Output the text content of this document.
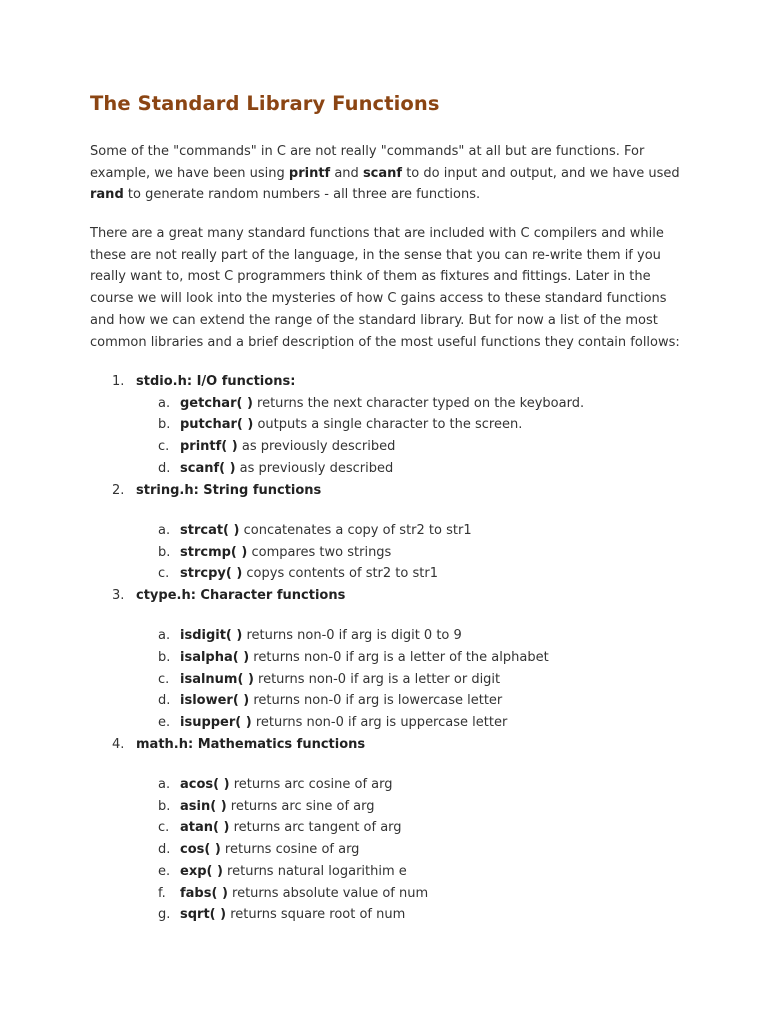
The Standard Library Functions

Some of the "commands" in C are not really "commands" at all but are functions. For example, we have been using printf and scanf to do input and output, and we have used rand to generate random numbers - all three are functions.

There are a great many standard functions that are included with C compilers and while these are not really part of the language, in the sense that you can re-write them if you really want to, most C programmers think of them as fixtures and fittings. Later in the course we will look into the mysteries of how C gains access to these standard functions and how we can extend the range of the standard library. But for now a list of the most common libraries and a brief description of the most useful functions they contain follows:

1. stdio.h: I/O functions:
a. getchar( ) returns the next character typed on the keyboard.
b. putchar( ) outputs a single character to the screen.
c. printf( ) as previously described
d. scanf( ) as previously described
2. string.h: String functions
a. strcat( ) concatenates a copy of str2 to str1
b. strcmp( ) compares two strings
c. strcpy( ) copys contents of str2 to str1
3. ctype.h: Character functions
a. isdigit( ) returns non-0 if arg is digit 0 to 9
b. isalpha( ) returns non-0 if arg is a letter of the alphabet
c. isalnum( ) returns non-0 if arg is a letter or digit
d. islower( ) returns non-0 if arg is lowercase letter
e. isupper( ) returns non-0 if arg is uppercase letter
4. math.h: Mathematics functions
a. acos( ) returns arc cosine of arg
b. asin( ) returns arc sine of arg
c. atan( ) returns arc tangent of arg
d. cos( ) returns cosine of arg
e. exp( ) returns natural logarithim e
f. fabs( ) returns absolute value of num
g. sqrt( ) returns square root of num
